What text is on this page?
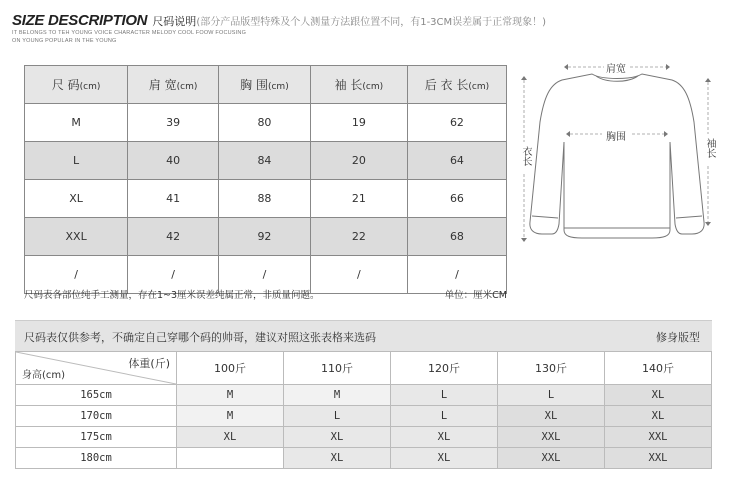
SIZE DESCRIPTION 尺码说明(部分产品版型特殊及个人测量方法跟位置不同，有1-3CM误差属于正常现象！)
IT BELONGS TO TEH YOUNG VOICE CHARACTER MELODY COOL FOOW FOCUSING
ON YOUNG POPULAR IN THE YOUNG
尺 码(cm)	肩 宽(cm)	胸 围(cm)	袖 长(cm)	后 衣 长(cm)
M	39	80	19	62
L	40	84	20	64
XL	41	88	21	66
XXL	42	92	22	68
/	/	/	/	/
尺码表各部位纯手工测量，存在1~3厘米误差纯属正常，非质量问题。	单位：厘米CM
肩宽
胸围
衣长	袖长
尺码表仅供参考，不确定自己穿哪个码的帅哥，建议对照这张表格来选码	修身版型
体重(斤)
身高(cm)	100斤	110斤	120斤	130斤	140斤
165cm	M	M	L	L	XL
170cm	M	L	L	XL	XL
175cm	XL	XL	XL	XXL	XXL
180cm		XL	XL	XXL	XXL
